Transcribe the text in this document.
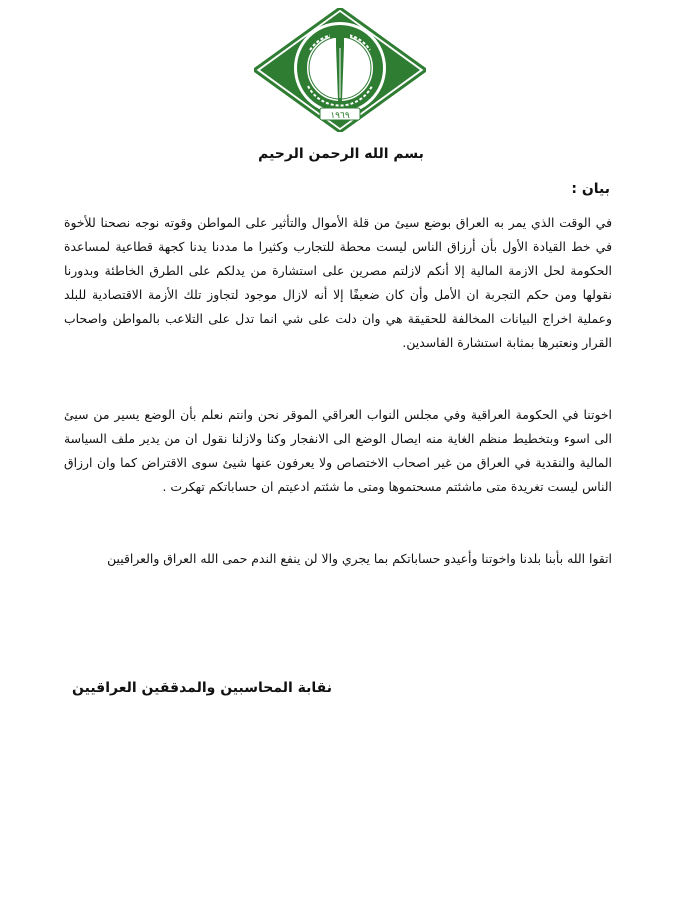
١٩٦٩
بسم الله الرحمن الرحيم
بيان :

في الوقت الذي يمر به العراق بوضع سيئ من قلة الأموال والتأثير على المواطن وقوته نوجه نصحنا للأخوة في خط القيادة الأول بأن أرزاق الناس ليست محطة للتجارب وكثيرا ما مددنا يدنا كجهة قطاعية لمساعدة الحكومة لحل الازمة المالية إلا أنكم لازلتم مصرين على استشارة من يدلكم على الطرق الخاطئة وبدورنا نقولها ومن حكم التجربة ان الأمل وأن كان ضعيفًا إلا أنه لازال موجود لتجاوز تلك الأزمة الاقتصادية للبلد وعملية اخراج البيانات المخالفة للحقيقة هي وان دلت على شي انما تدل على التلاعب بالمواطن واصحاب القرار ونعتبرها بمثابة استشارة الفاسدين.

اخوتنا في الحكومة العراقية وفي مجلس النواب العراقي الموقر نحن وانتم نعلم بأن الوضع يسير من سيئ الى اسوء وبتخطيط منظم الغاية منه ايصال الوضع الى الانفجار وكنا ولازلنا نقول ان من يدير ملف السياسة المالية والنقدية في العراق من غير اصحاب الاختصاص ولا يعرفون عنها شيئ سوى الاقتراض كما وان ارزاق الناس ليست تغريدة متى ماشئتم مسحتموها ومتى ما شئتم ادعيتم ان حساباتكم تهكرت .

اتقوا الله بأبنا بلدنا واخوتنا وأعيدو حساباتكم بما يجري والا لن ينفع الندم حمى الله العراق والعراقيين

نقابة المحاسبين والمدققين العراقيين
